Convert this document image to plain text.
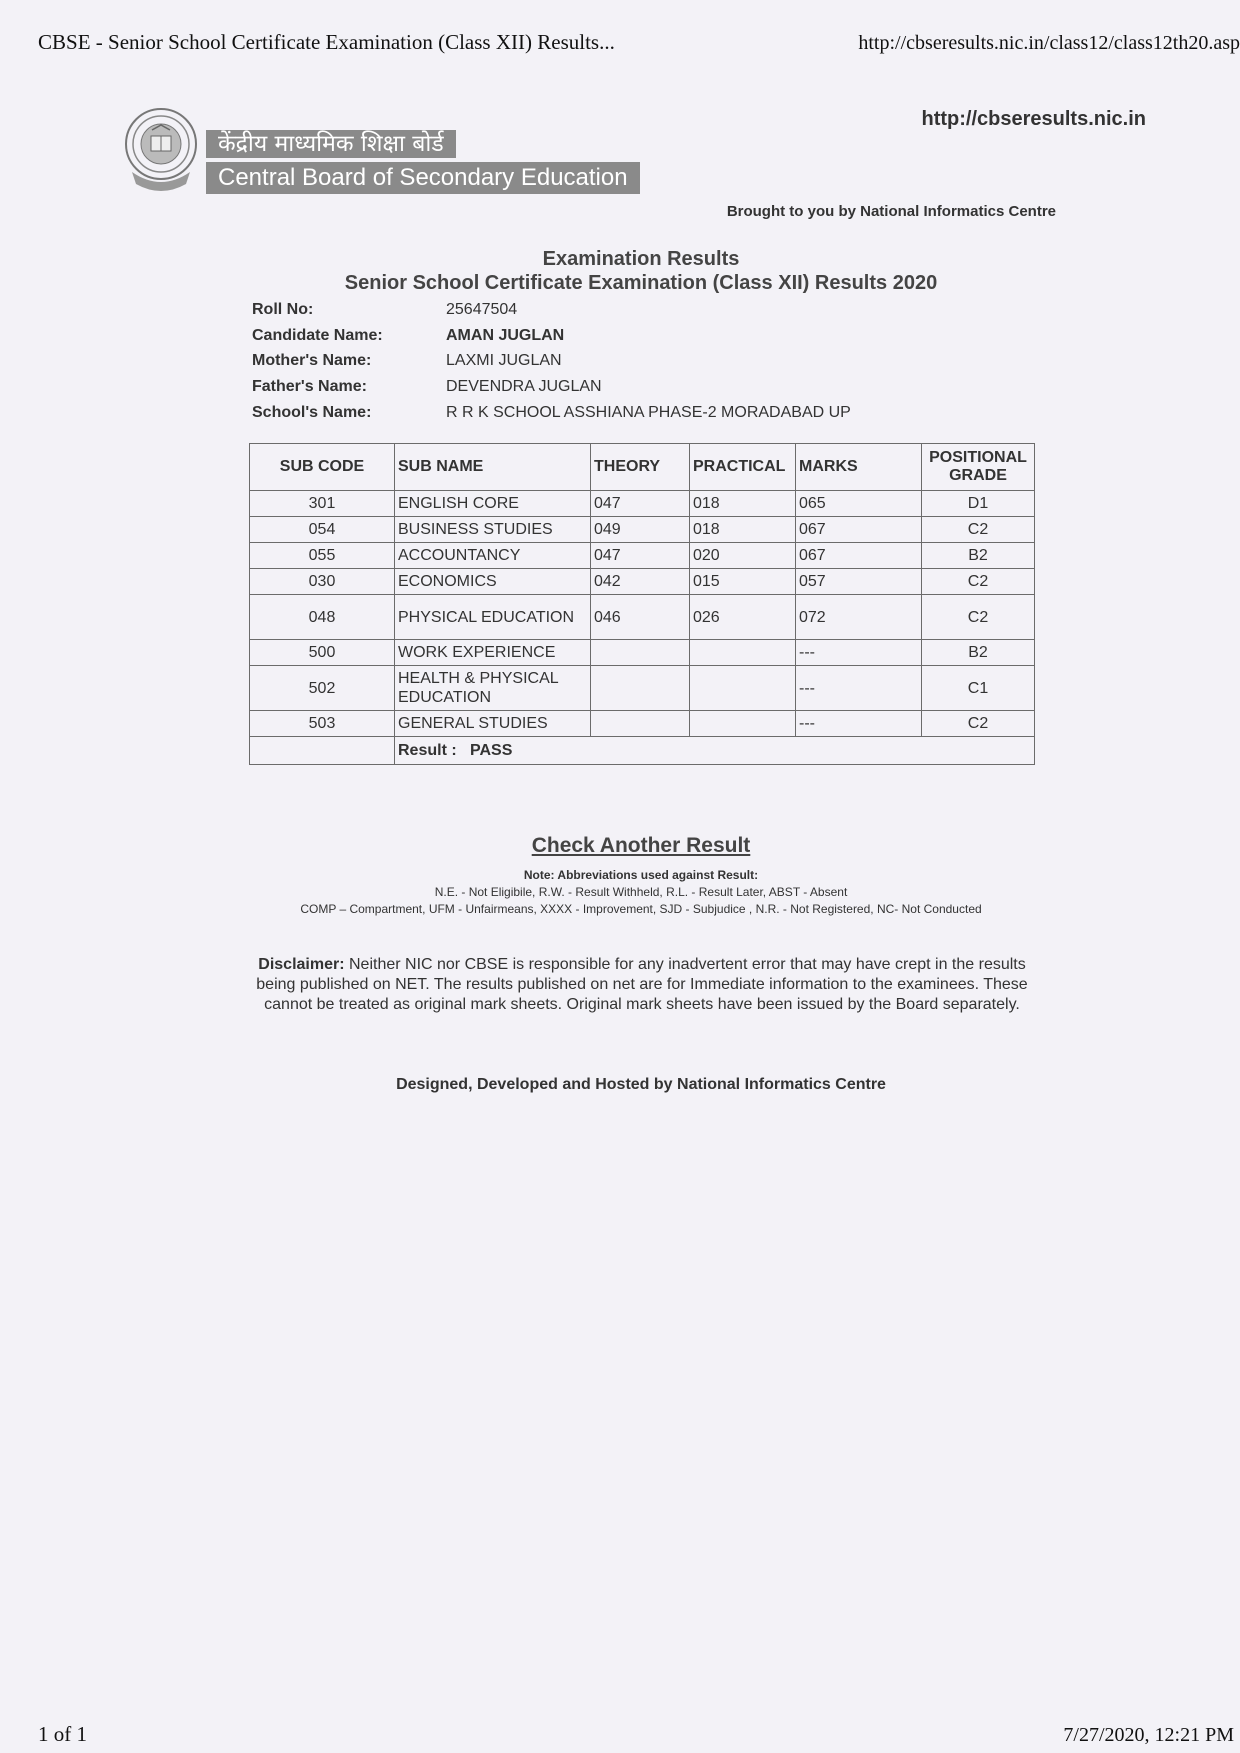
CBSE - Senior School Certificate Examination (Class XII) Results...	http://cbseresults.nic.in/class12/class12th20.asp
केंद्रीय माध्यमिक शिक्षा बोर्ड
Central Board of Secondary Education
http://cbseresults.nic.in
Brought to you by National Informatics Centre
Examination Results
Senior School Certificate Examination (Class XII) Results 2020
Roll No:	25647504
Candidate Name:	AMAN JUGLAN
Mother's Name:	LAXMI JUGLAN
Father's Name:	DEVENDRA JUGLAN
School's Name:	R R K SCHOOL ASSHIANA PHASE-2 MORADABAD UP
SUB CODE	SUB NAME	THEORY	PRACTICAL	MARKS	POSITIONAL GRADE
301	ENGLISH CORE	047	018	065	D1
054	BUSINESS STUDIES	049	018	067	C2
055	ACCOUNTANCY	047	020	067	B2
030	ECONOMICS	042	015	057	C2
048	PHYSICAL EDUCATION	046	026	072	C2
500	WORK EXPERIENCE			---	B2
502	HEALTH & PHYSICAL EDUCATION			---	C1
503	GENERAL STUDIES			---	C2
	Result : PASS				
Check Another Result
Note: Abbreviations used against Result:
N.E. - Not Eligibile, R.W. - Result Withheld, R.L. - Result Later, ABST - Absent
COMP – Compartment, UFM - Unfairmeans, XXXX - Improvement, SJD - Subjudice , N.R. - Not Registered, NC- Not Conducted
Disclaimer: Neither NIC nor CBSE is responsible for any inadvertent error that may have crept in the results being published on NET. The results published on net are for Immediate information to the examinees. These cannot be treated as original mark sheets. Original mark sheets have been issued by the Board separately.
Designed, Developed and Hosted by National Informatics Centre
1 of 1	7/27/2020, 12:21 PM
